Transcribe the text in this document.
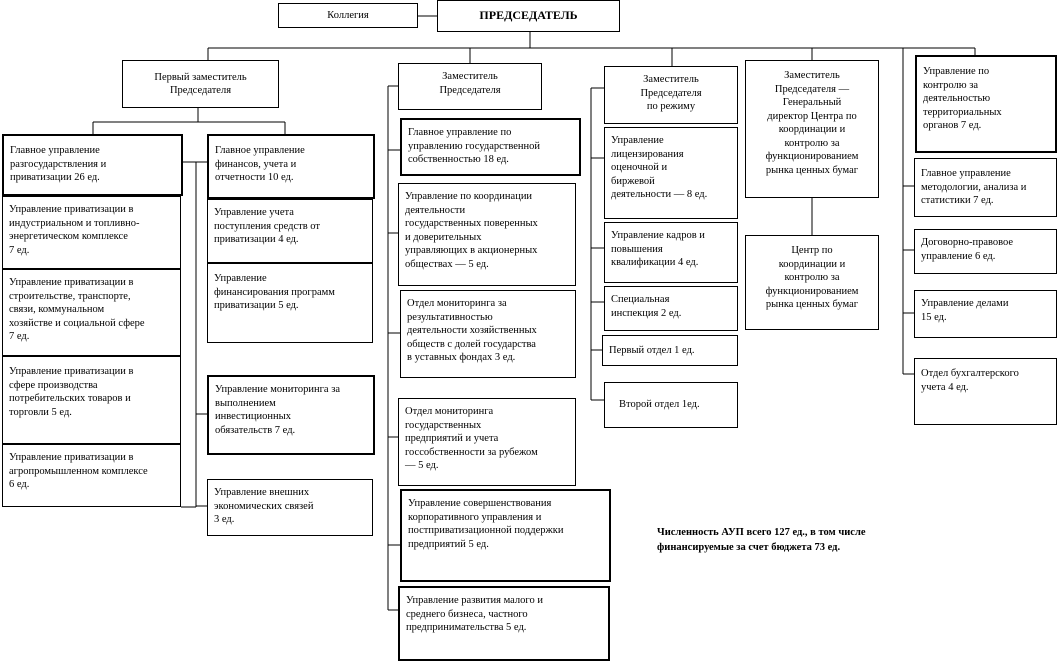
Коллегия	ПРЕДСЕДАТЕЛЬ
Первый заместитель
Председателя
Заместитель
Председателя
Заместитель
Председателя
по режиму
Заместитель
Председателя —
Генеральный
директор Центра по
координации и
контролю за
функционированием
рынка ценных бумаг
Управление по
контролю за
деятельностью
территориальных
органов 7 ед.
Главное управление
разгосударствления и
приватизации 26 ед.
Управление приватизации в
индустриальном и топливно-
энергетическом комплексе
7 ед.
Управление приватизации в
строительстве, транспорте,
связи, коммунальном
хозяйстве и социальной сфере
7 ед.
Управление приватизации в
сфере производства
потребительских товаров и
торговли 5 ед.
Управление приватизации в
агропромышленном комплексе
6 ед.
Главное управление
финансов, учета и
отчетности 10 ед.
Управление учета
поступления средств от
приватизации 4 ед.
Управление
финансирования программ
приватизации 5 ед.
Управление мониторинга за
выполнением
инвестиционных
обязательств 7 ед.
Управление внешних
экономических связей
3 ед.
Главное управление по
управлению государственной
собственностью 18 ед.
Управление по координации
деятельности
государственных поверенных
и доверительных
управляющих в акционерных
обществах — 5 ед.
Отдел мониторинга за
результативностью
деятельности хозяйственных
обществ с долей государства
в уставных фондах 3 ед.
Отдел мониторинга
государственных
предприятий и учета
госсобственности за рубежом
— 5 ед.
Управление совершенствования
корпоративного управления и
постприватизационной поддержки
предприятий 5 ед.
Управление развития малого и
среднего бизнеса, частного
предпринимательства 5 ед.
Управление
лицензирования
оценочной и
биржевой
деятельности — 8 ед.
Управление кадров и
повышения
квалификации 4 ед.
Специальная
инспекция 2 ед.
Первый отдел 1 ед.
Второй отдел 1ед.
Центр по
координации и
контролю за
функционированием
рынка ценных бумаг
Главное управление
методологии, анализа и
статистики 7 ед.
Договорно-правовое
управление 6 ед.
Управление делами
15 ед.
Отдел бухгалтерского
учета 4 ед.
Численность АУП всего 127 ед., в том числе
финансируемые за счет бюджета 73 ед.
